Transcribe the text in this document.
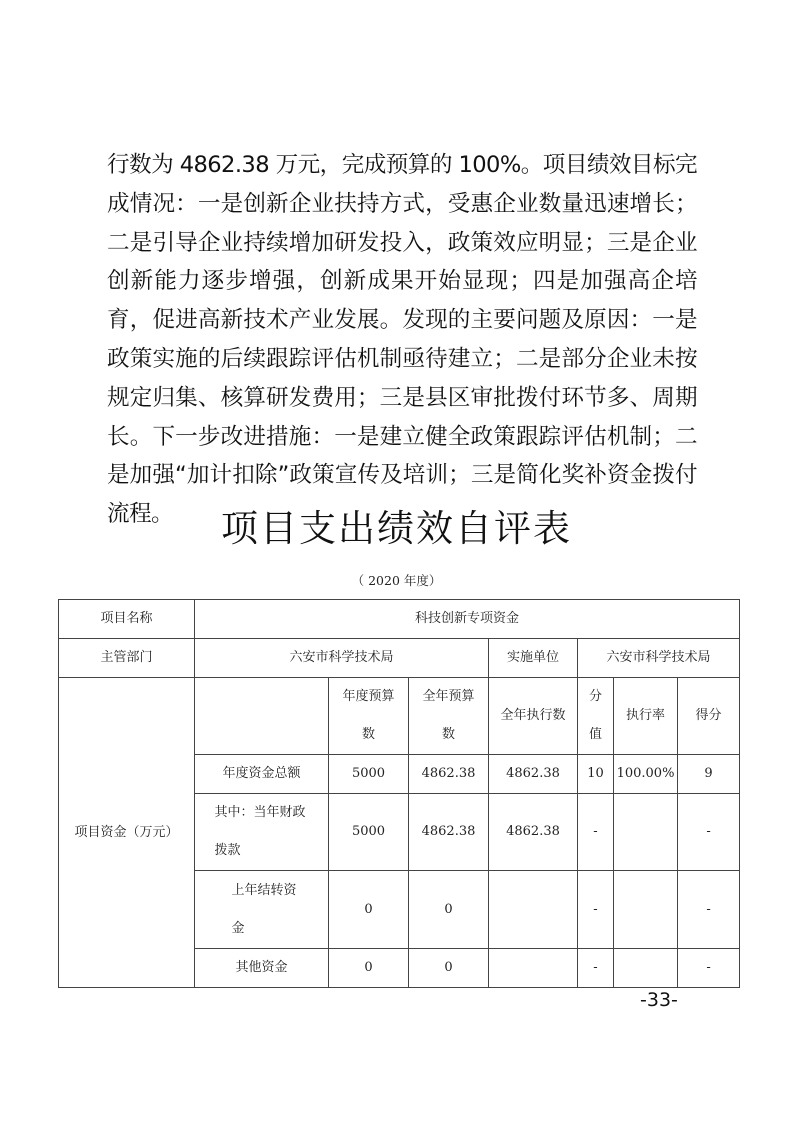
行数为 4862.38 万元，完成预算的 100%。项目绩效目标完成情况：一是创新企业扶持方式，受惠企业数量迅速增长；二是引导企业持续增加研发投入，政策效应明显；三是企业创新能力逐步增强，创新成果开始显现；四是加强高企培育，促进高新技术产业发展。发现的主要问题及原因：一是政策实施的后续跟踪评估机制亟待建立；二是部分企业未按规定归集、核算研发费用；三是县区审批拨付环节多、周期长。下一步改进措施：一是建立健全政策跟踪评估机制；二是加强“加计扣除”政策宣传及培训；三是简化奖补资金拨付流程。	项目支出绩效自评表
（ 2020 年度）
项目名称	科技创新专项资金						
主管部门	六安市科学技术局			实施单位	六安市科学技术局		
项目资金（万元）		年度预算数	全年预算数	全年执行数	分值	执行率	得分
	年度资金总额	5000	4862.38	4862.38	10	100.00%	9
	其中：当年财政拨款	5000	4862.38	4862.38	-		-
	上年结转资金	0	0		-		-
	其他资金	0	0		-		-
-33-
